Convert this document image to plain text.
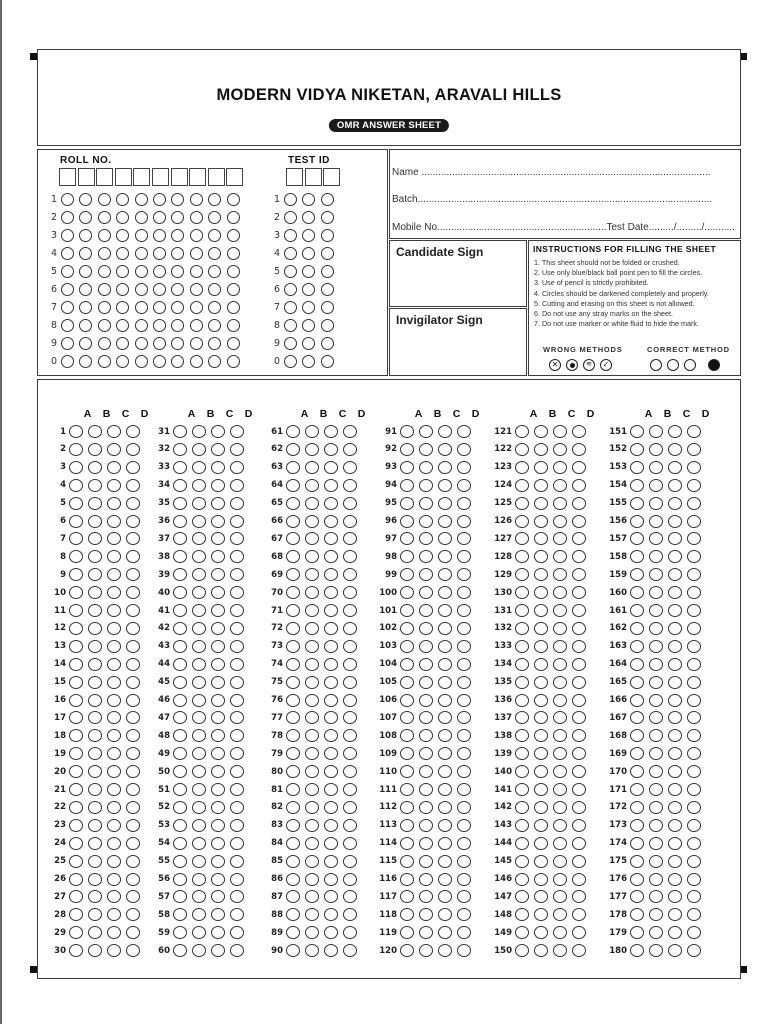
MODERN VIDYA NIKETAN, ARAVALI HILLS
OMR ANSWER SHEET
ROLL NO.	TEST ID
1
2
3
4
5
6
7
8
9
0
1
2
3
4
5
6
7
8
9
0
Name ........................................................................................................
Batch..........................................................................................................
Mobile No.............................................................Test Date........./........./...........
Candidate Sign
Invigilator Sign
INSTRUCTIONS FOR FILLING THE SHEET
1. This sheet should not be folded or crushed.
2. Use only blue/black ball point pen to fill the circles.
3. Use of pencil is strictly prohibited.
4. Circles should be darkened completely and properly.
5. Cutting and erasing on this sheet is not allowed.
6. Do not use any stray marks on the sheet.
7. Do not use marker or white fluid to hide the mark.
WRONG METHODS	CORRECT METHOD
✕	≋	✓
A	B	C	D
1
2
3
4
5
6
7
8
9
10
11
12
13
14
15
16
17
18
19
20
21
22
23
24
25
26
27
28
29
30
A	B	C	D
31
32
33
34
35
36
37
38
39
40
41
42
43
44
45
46
47
48
49
50
51
52
53
54
55
56
57
58
59
60
A	B	C	D
61
62
63
64
65
66
67
68
69
70
71
72
73
74
75
76
77
78
79
80
81
82
83
84
85
86
87
88
89
90
A	B	C	D
91
92
93
94
95
96
97
98
99
100
101
102
103
104
105
106
107
108
109
110
111
112
113
114
115
116
117
118
119
120
A	B	C	D
121
122
123
124
125
126
127
128
129
130
131
132
133
134
135
136
137
138
139
140
141
142
143
144
145
146
147
148
149
150
A	B	C	D
151
152
153
154
155
156
157
158
159
160
161
162
163
164
165
166
167
168
169
170
171
172
173
174
175
176
177
178
179
180
